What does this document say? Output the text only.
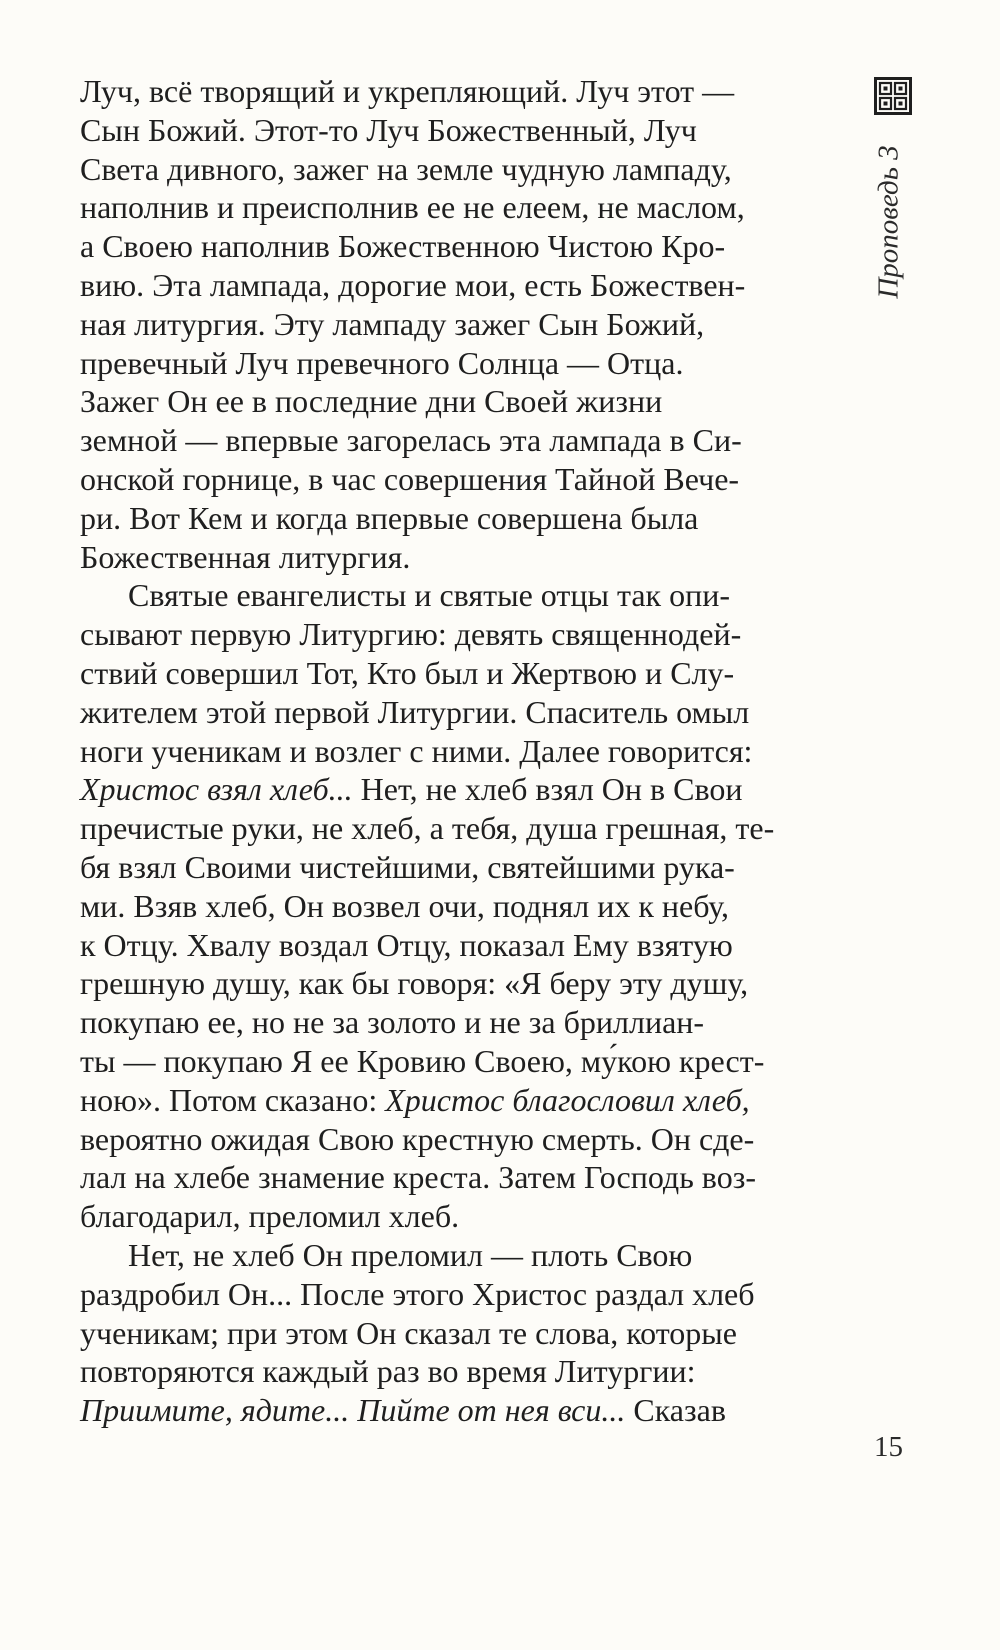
Проповедь 3
Луч, всё творящий и укрепляющий. Луч этот —
Сын Божий. Этот-то Луч Божественный, Луч
Света дивного, зажег на земле чудную лампаду,
наполнив и преисполнив ее не елеем, не маслом,
а Своею наполнив Божественною Чистою Кро-
вию. Эта лампада, дорогие мои, есть Божествен-
ная литургия. Эту лампаду зажег Сын Божий,
превечный Луч превечного Солнца — Отца.
Зажег Он ее в последние дни Своей жизни
земной — впервые загорелась эта лампада в Си-
онской горнице, в час совершения Тайной Вече-
ри. Вот Кем и когда впервые совершена была
Божественная литургия.
Святые евангелисты и святые отцы так опи-
сывают первую Литургию: девять священнодей-
ствий совершил Тот, Кто был и Жертвою и Слу-
жителем этой первой Литургии. Спаситель омыл
ноги ученикам и возлег с ними. Далее говорится:
Христос взял хлеб... Нет, не хлеб взял Он в Свои
пречистые руки, не хлеб, а тебя, душа грешная, те-
бя взял Своими чистейшими, святейшими рука-
ми. Взяв хлеб, Он возвел очи, поднял их к небу,
к Отцу. Хвалу воздал Отцу, показал Ему взятую
грешную душу, как бы говоря: «Я беру эту душу,
покупаю ее, но не за золото и не за бриллиан-
ты — покупаю Я ее Кровию Своею, му́кою крест-
ною». Потом сказано: Христос благословил хлеб,
вероятно ожидая Свою крестную смерть. Он сде-
лал на хлебе знамение креста. Затем Господь воз-
благодарил, преломил хлеб.
Нет, не хлеб Он преломил — плоть Свою
раздробил Он... После этого Христос раздал хлеб
ученикам; при этом Он сказал те слова, которые
повторяются каждый раз во время Литургии:
Приимите, ядите... Пийте от нея вси... Сказав
15
